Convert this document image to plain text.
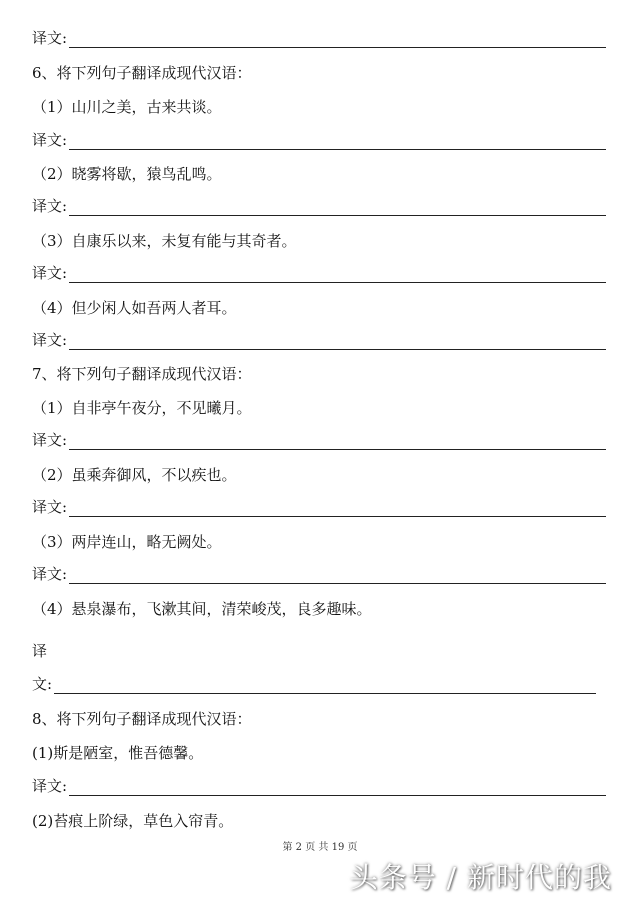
译文:
6、将下列句子翻译成现代汉语：
（1）山川之美，古来共谈。
译文:
（2）晓雾将歇，猿鸟乱鸣。
译文:
（3）自康乐以来，未复有能与其奇者。
译文:
（4）但少闲人如吾两人者耳。
译文:
7、将下列句子翻译成现代汉语：
（1）自非亭午夜分，不见曦月。
译文:
（2）虽乘奔御风，不以疾也。
译文:
（3）两岸连山，略无阙处。
译文:
（4）悬泉瀑布，飞漱其间，清荣峻茂，良多趣味。
译
文:
8、将下列句子翻译成现代汉语：
(1)斯是陋室，惟吾德馨。
译文:
(2)苔痕上阶绿，草色入帘青。
第 2 页 共 19 页
头条号 / 新时代的我
